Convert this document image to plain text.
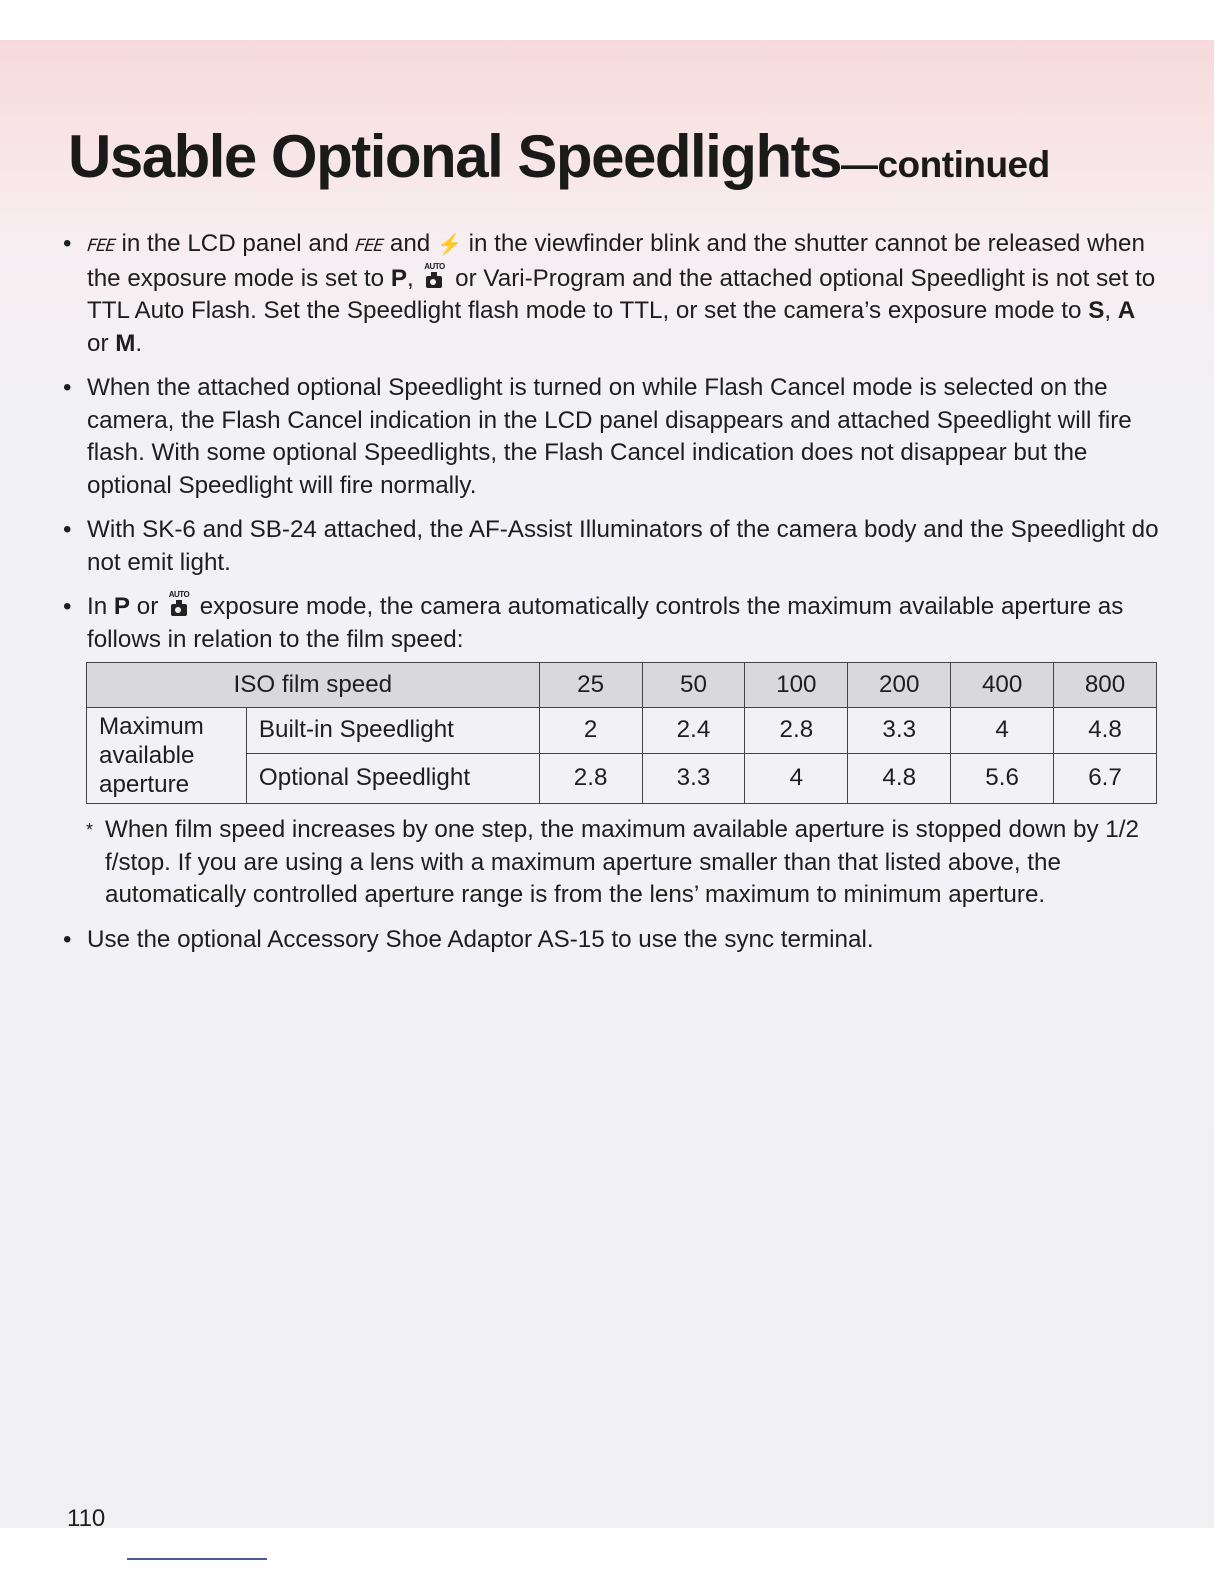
Usable Optional Speedlights—continued
• FEE in the LCD panel and FEE and ⚡ in the viewfinder blink and the shutter cannot be released when the exposure mode is set to P, AUTO or Vari-Program and the attached optional Speedlight is not set to TTL Auto Flash. Set the Speedlight flash mode to TTL, or set the camera’s exposure mode to S, A or M.
• When the attached optional Speedlight is turned on while Flash Cancel mode is selected on the camera, the Flash Cancel indication in the LCD panel disappears and attached Speedlight will fire flash. With some optional Speedlights, the Flash Cancel indication does not disappear but the optional Speedlight will fire normally.
• With SK-6 and SB-24 attached, the AF-Assist Illuminators of the camera body and the Speedlight do not emit light.
• In P or AUTO exposure mode, the camera automatically controls the maximum available aperture as follows in relation to the film speed:
ISO film speed		25	50	100	200	400	800
Maximum
available
aperture	Built-in Speedlight	2	2.4	2.8	3.3	4	4.8
	Optional Speedlight	2.8	3.3	4	4.8	5.6	6.7
* When film speed increases by one step, the maximum available aperture is stopped down by 1/2 f/stop. If you are using a lens with a maximum aperture smaller than that listed above, the automatically controlled aperture range is from the lens’ maximum to minimum aperture.
• Use the optional Accessory Shoe Adaptor AS-15 to use the sync terminal.
110
